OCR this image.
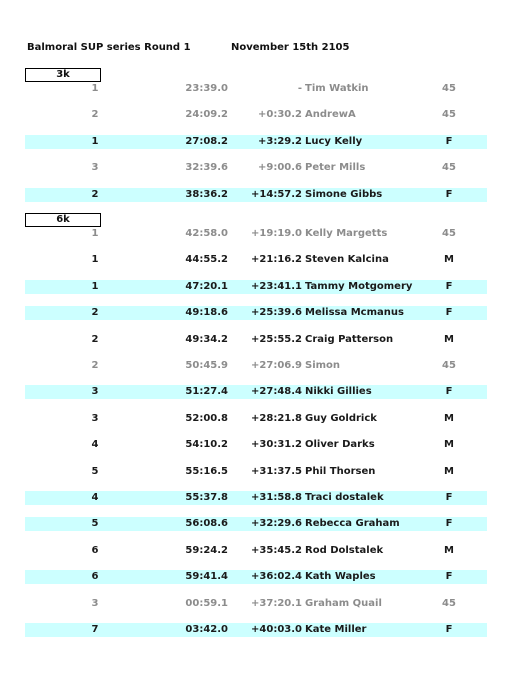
Balmoral SUP series Round 1	November 15th 2105
3k
1	23:39.0	- Tim Watkin	45
2	24:09.2	+0:30.2 AndrewA	45
1	27:08.2	+3:29.2 Lucy Kelly	F
3	32:39.6	+9:00.6 Peter Mills	45
2	38:36.2 +14:57.2 Simone Gibbs	F
6k
1	42:58.0 +19:19.0 Kelly Margetts	45
1	44:55.2 +21:16.2 Steven Kalcina	M
1	47:20.1 +23:41.1 Tammy Motgomery	F
2	49:18.6 +25:39.6 Melissa Mcmanus	F
2	49:34.2 +25:55.2 Craig Patterson	M
2	50:45.9 +27:06.9 Simon	45
3	51:27.4 +27:48.4 Nikki Gillies	F
3	52:00.8 +28:21.8 Guy Goldrick	M
4	54:10.2 +30:31.2 Oliver Darks	M
5	55:16.5 +31:37.5 Phil Thorsen	M
4	55:37.8 +31:58.8 Traci dostalek	F
5	56:08.6 +32:29.6 Rebecca Graham	F
6	59:24.2 +35:45.2 Rod Dolstalek	M
6	59:41.4 +36:02.4 Kath Waples	F
3	00:59.1 +37:20.1 Graham Quail	45
7	03:42.0 +40:03.0 Kate Miller	F
